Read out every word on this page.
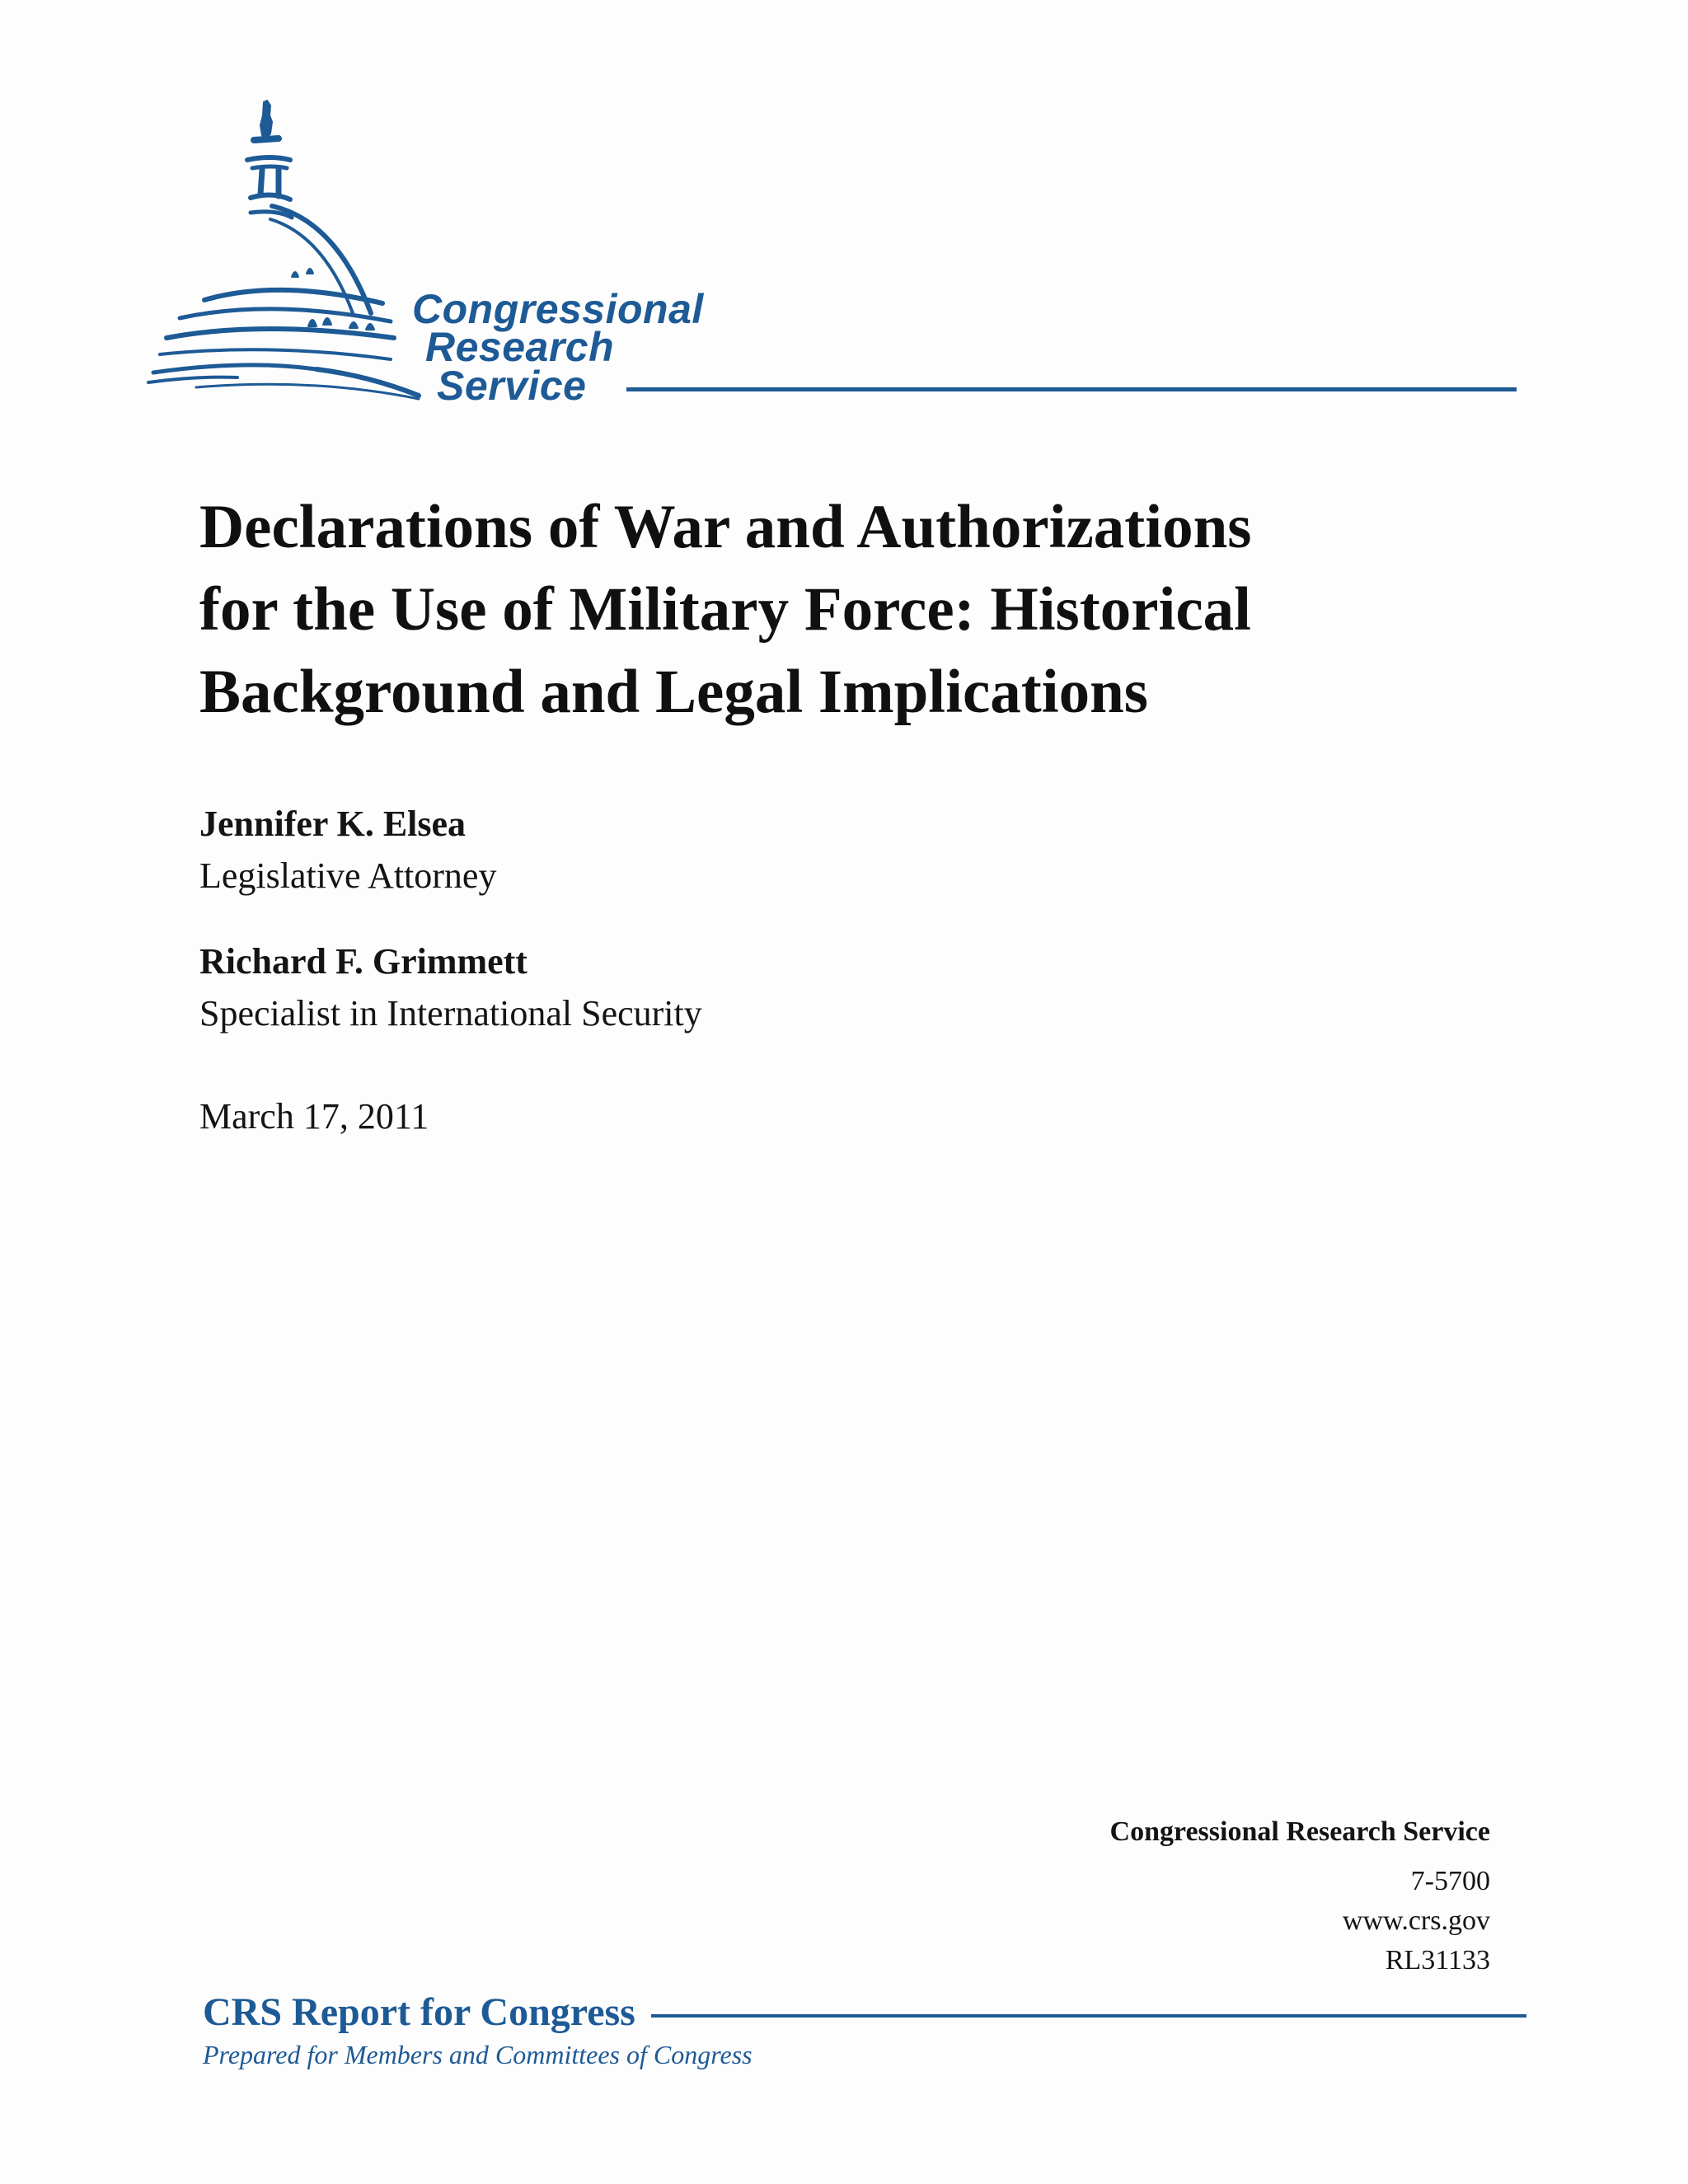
Congressional
Research
Service
Declarations of War and Authorizations
for the Use of Military Force: Historical
Background and Legal Implications
Jennifer K. Elsea
Legislative Attorney
Richard F. Grimmett
Specialist in International Security
March 17, 2011
Congressional Research Service
7-5700
www.crs.gov
RL31133
CRS Report for Congress
Prepared for Members and Committees of Congress
